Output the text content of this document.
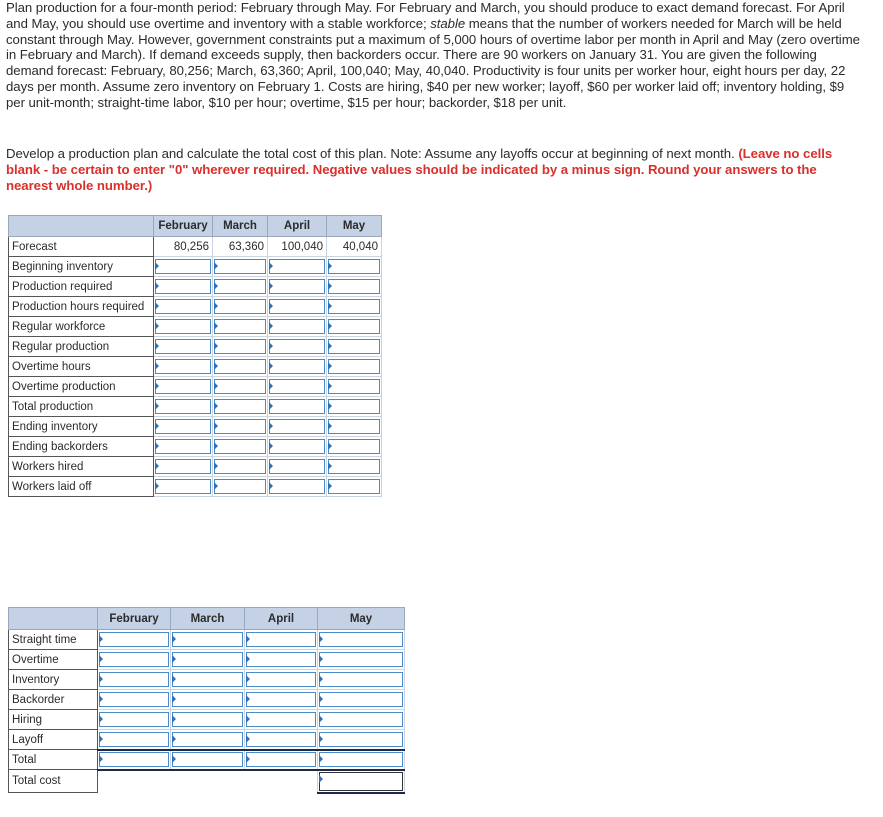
Plan production for a four-month period: February through May. For February and March, you should produce to exact demand forecast. For April and May, you should use overtime and inventory with a stable workforce; stable means that the number of workers needed for March will be held constant through May. However, government constraints put a maximum of 5,000 hours of overtime labor per month in April and May (zero overtime in February and March). If demand exceeds supply, then backorders occur. There are 90 workers on January 31. You are given the following demand forecast: February, 80,256; March, 63,360; April, 100,040; May, 40,040. Productivity is four units per worker hour, eight hours per day, 22 days per month. Assume zero inventory on February 1. Costs are hiring, $40 per new worker; layoff, $60 per worker laid off; inventory holding, $9 per unit-month; straight-time labor, $10 per hour; overtime, $15 per hour; backorder, $18 per unit.

Develop a production plan and calculate the total cost of this plan. Note: Assume any layoffs occur at beginning of next month. (Leave no cells blank - be certain to enter "0" wherever required. Negative values should be indicated by a minus sign. Round your answers to the nearest whole number.)

	February	March	April	May
Forecast	80,256	63,360	100,040	40,040
Beginning inventory	

Production required	

Production hours required	

Regular workforce	

Regular production	

Overtime hours	

Overtime production	

Total production	

Ending inventory	

Ending backorders	

Workers hired	

Workers laid off	

	February	March	April	May
Straight time	

Overtime	

Inventory	

Backorder	

Hiring	

Layoff	

Total	

Total cost				
